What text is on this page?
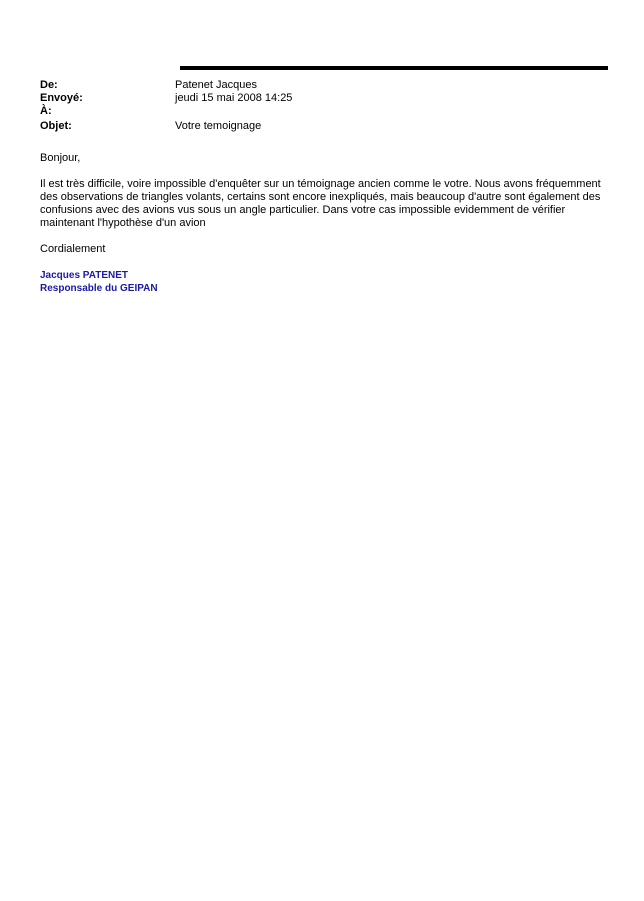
De:	Patenet Jacques
Envoyé:	jeudi 15 mai 2008 14:25
À:
Objet:	Votre temoignage
Bonjour,
Il est très difficile, voire impossible d'enquêter sur un témoignage ancien comme le votre. Nous avons fréquemment
des observations de triangles volants, certains sont encore inexpliqués, mais beaucoup d'autre sont également des
confusions avec des avions vus sous un angle particulier. Dans votre cas impossible evidemment de vérifier
maintenant l'hypothèse d'un avion
Cordialement
Jacques PATENET
Responsable du GEIPAN
